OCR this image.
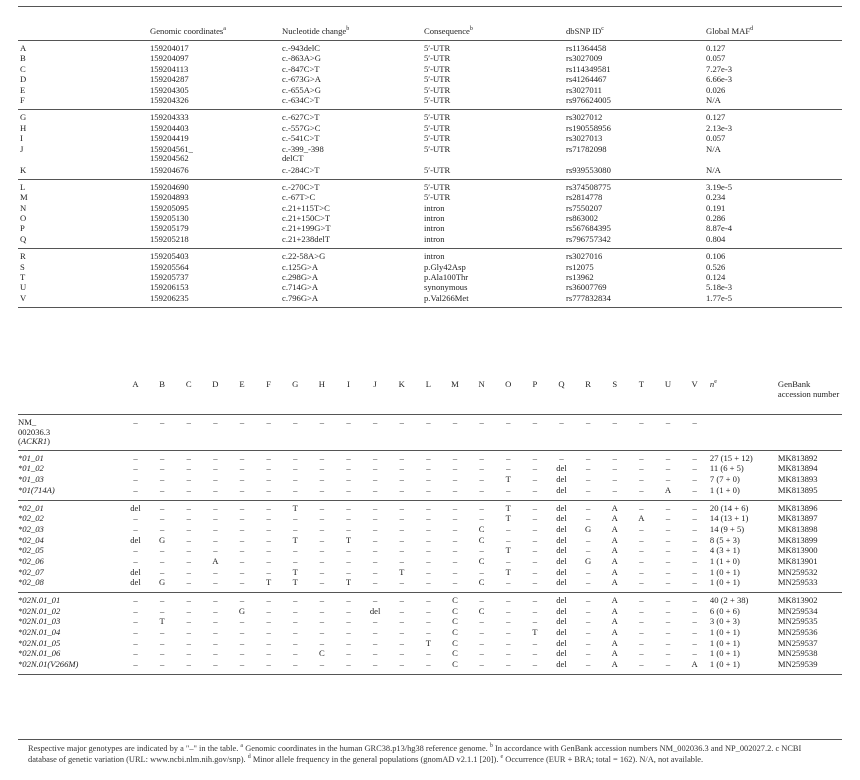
	Genomic coordinates$^a$	Nucleotide change$^b$	Consequence$^b$	dbSNP $ID^c$	Global MAF$^d$
A	159204017	c.-943delC	5′-UTR	rs11364458	0.127
B	159204097	c.-863A>G	5′-UTR	rs3027009	0.057
C	159204113	c.-847C>T	5′-UTR	rs114349581	7.27e-3
D	159204287	c.-673G>A	5′-UTR	rs41264467	6.66e-3
E	159204305	c.-655A>G	5′-UTR	rs3027011	0.026
F	159204326	c.-634C>T	5′-UTR	rs976624005	N/A
G	159204333	c.-627C>T	5′-UTR	rs3027012	0.127
H	159204403	c.-557G>C	5′-UTR	rs190558956	2.13e-3
I	159204419	c.-541C>T	5′-UTR	rs3027013	0.057
J	159204561_
159204562	c.-399_-398
delCT	5′-UTR	rs71782098	N/A
K	159204676	c.-284C>T	5′-UTR	rs939553080	N/A
L	159204690	c.-270C>T	5′-UTR	rs374508775	3.19e-5
M	159204893	c.-67T>C	5′-UTR	rs2814778	0.234
N	159205095	c.21+115T>C	intron	rs7550207	0.191
O	159205130	c.21+150C>T	intron	rs863002	0.286
P	159205179	c.21+199G>T	intron	rs567684395	8.87e-4
Q	159205218	c.21+238delT	intron	rs796757342	0.804
R	159205403	c.22-58A>G	intron	rs3027016	0.106
S	159205564	c.125G>A	p.Gly42Asp	rs12075	0.526
T	159205737	c.298G>A	p.Ala100Thr	rs13962	0.124
U	159206153	c.714G>A	synonymous	rs36007769	5.18e-3
V	159206235	c.796G>A	p.Val266Met	rs777832834	1.77e-5
	A	B	C	D	E	F	G	H	I	J	K	L	M	N	O	P	Q	R	S	T	U	V	$n^e$	GenBank accession number
NM_
002036.3
(ACKR1)	–	–	–	–	–	–	–	–	–	–	–	–	–	–	–	–	–	–	–	–	–	–		
*01_01	–	–	–	–	–	–	–	–	–	–	–	–	–	–	–	–	–	–	–	–	–	–	27 (15 + 12)	MK813892
*01_02	–	–	–	–	–	–	–	–	–	–	–	–	–	–	–	–	del	–	–	–	–	–	11 (6 + 5)	MK813894
*01_03	–	–	–	–	–	–	–	–	–	–	–	–	–	–	T	–	del	–	–	–	–	–	7 (7 + 0)	MK813893
*01(714A)	–	–	–	–	–	–	–	–	–	–	–	–	–	–	–	–	del	–	–	–	A	–	1 (1 + 0)	MK813895
*02_01	del	–	–	–	–	–	T	–	–	–	–	–	–	–	T	–	del	–	A	–	–	–	20 (14 + 6)	MK813896
*02_02	–	–	–	–	–	–	–	–	–	–	–	–	–	–	T	–	del	–	A	A	–	–	14 (13 + 1)	MK813897
*02_03	–	–	–	–	–	–	–	–	–	–	–	–	–	C	–	–	del	G	A	–	–	–	14 (9 + 5)	MK813898
*02_04	del	G	–	–	–	–	T	–	T	–	–	–	–	C	–	–	del	–	A	–	–	–	8 (5 + 3)	MK813899
*02_05	–	–	–	–	–	–	–	–	–	–	–	–	–	–	T	–	del	–	A	–	–	–	4 (3 + 1)	MK813900
*02_06	–	–	–	A	–	–	–	–	–	–	–	–	–	C	–	–	del	G	A	–	–	–	1 (1 + 0)	MK813901
*02_07	del	–	–	–	–	–	T	–	–	–	T	–	–	–	T	–	del	–	A	–	–	–	1 (0 + 1)	MN259532
*02_08	del	G	–	–	–	T	T	–	T	–	–	–	–	C	–	–	del	–	A	–	–	–	1 (0 + 1)	MN259533
*02N.01_01	–	–	–	–	–	–	–	–	–	–	–	–	C	–	–	–	del	–	A	–	–	–	40 (2 + 38)	MK813902
*02N.01_02	–	–	–	–	G	–	–	–	–	del	–	–	C	C	–	–	del	–	A	–	–	–	6 (0 + 6)	MN259534
*02N.01_03	–	T	–	–	–	–	–	–	–	–	–	–	C	–	–	–	del	–	A	–	–	–	3 (0 + 3)	MN259535
*02N.01_04	–	–	–	–	–	–	–	–	–	–	–	–	C	–	–	T	del	–	A	–	–	–	1 (0 + 1)	MN259536
*02N.01_05	–	–	–	–	–	–	–	–	–	–	–	T	C	–	–	–	del	–	A	–	–	–	1 (0 + 1)	MN259537
*02N.01_06	–	–	–	–	–	–	–	C	–	–	–	–	C	–	–	–	del	–	A	–	–	–	1 (0 + 1)	MN259538
*02N.01(V266M)	–	–	–	–	–	–	–	–	–	–	–	–	C	–	–	–	del	–	A	–	–	A	1 (0 + 1)	MN259539
Respective major genotypes are indicated by a "–" in the table. $^a$ Genomic coordinates in the human GRC38.p13/hg38 reference genome. $^b$ In accordance with GenBank accession numbers NM_002036.3 and NP_002027.2. c NCBI database of genetic variation (URL: www.ncbi.nlm.nih.gov/snp). $^d$ Minor allele frequency in the general populations (gnomAD v2.1.1 [20]). $^e$ Occurrence (EUR + BRA; total = 162). N/A, not available.
